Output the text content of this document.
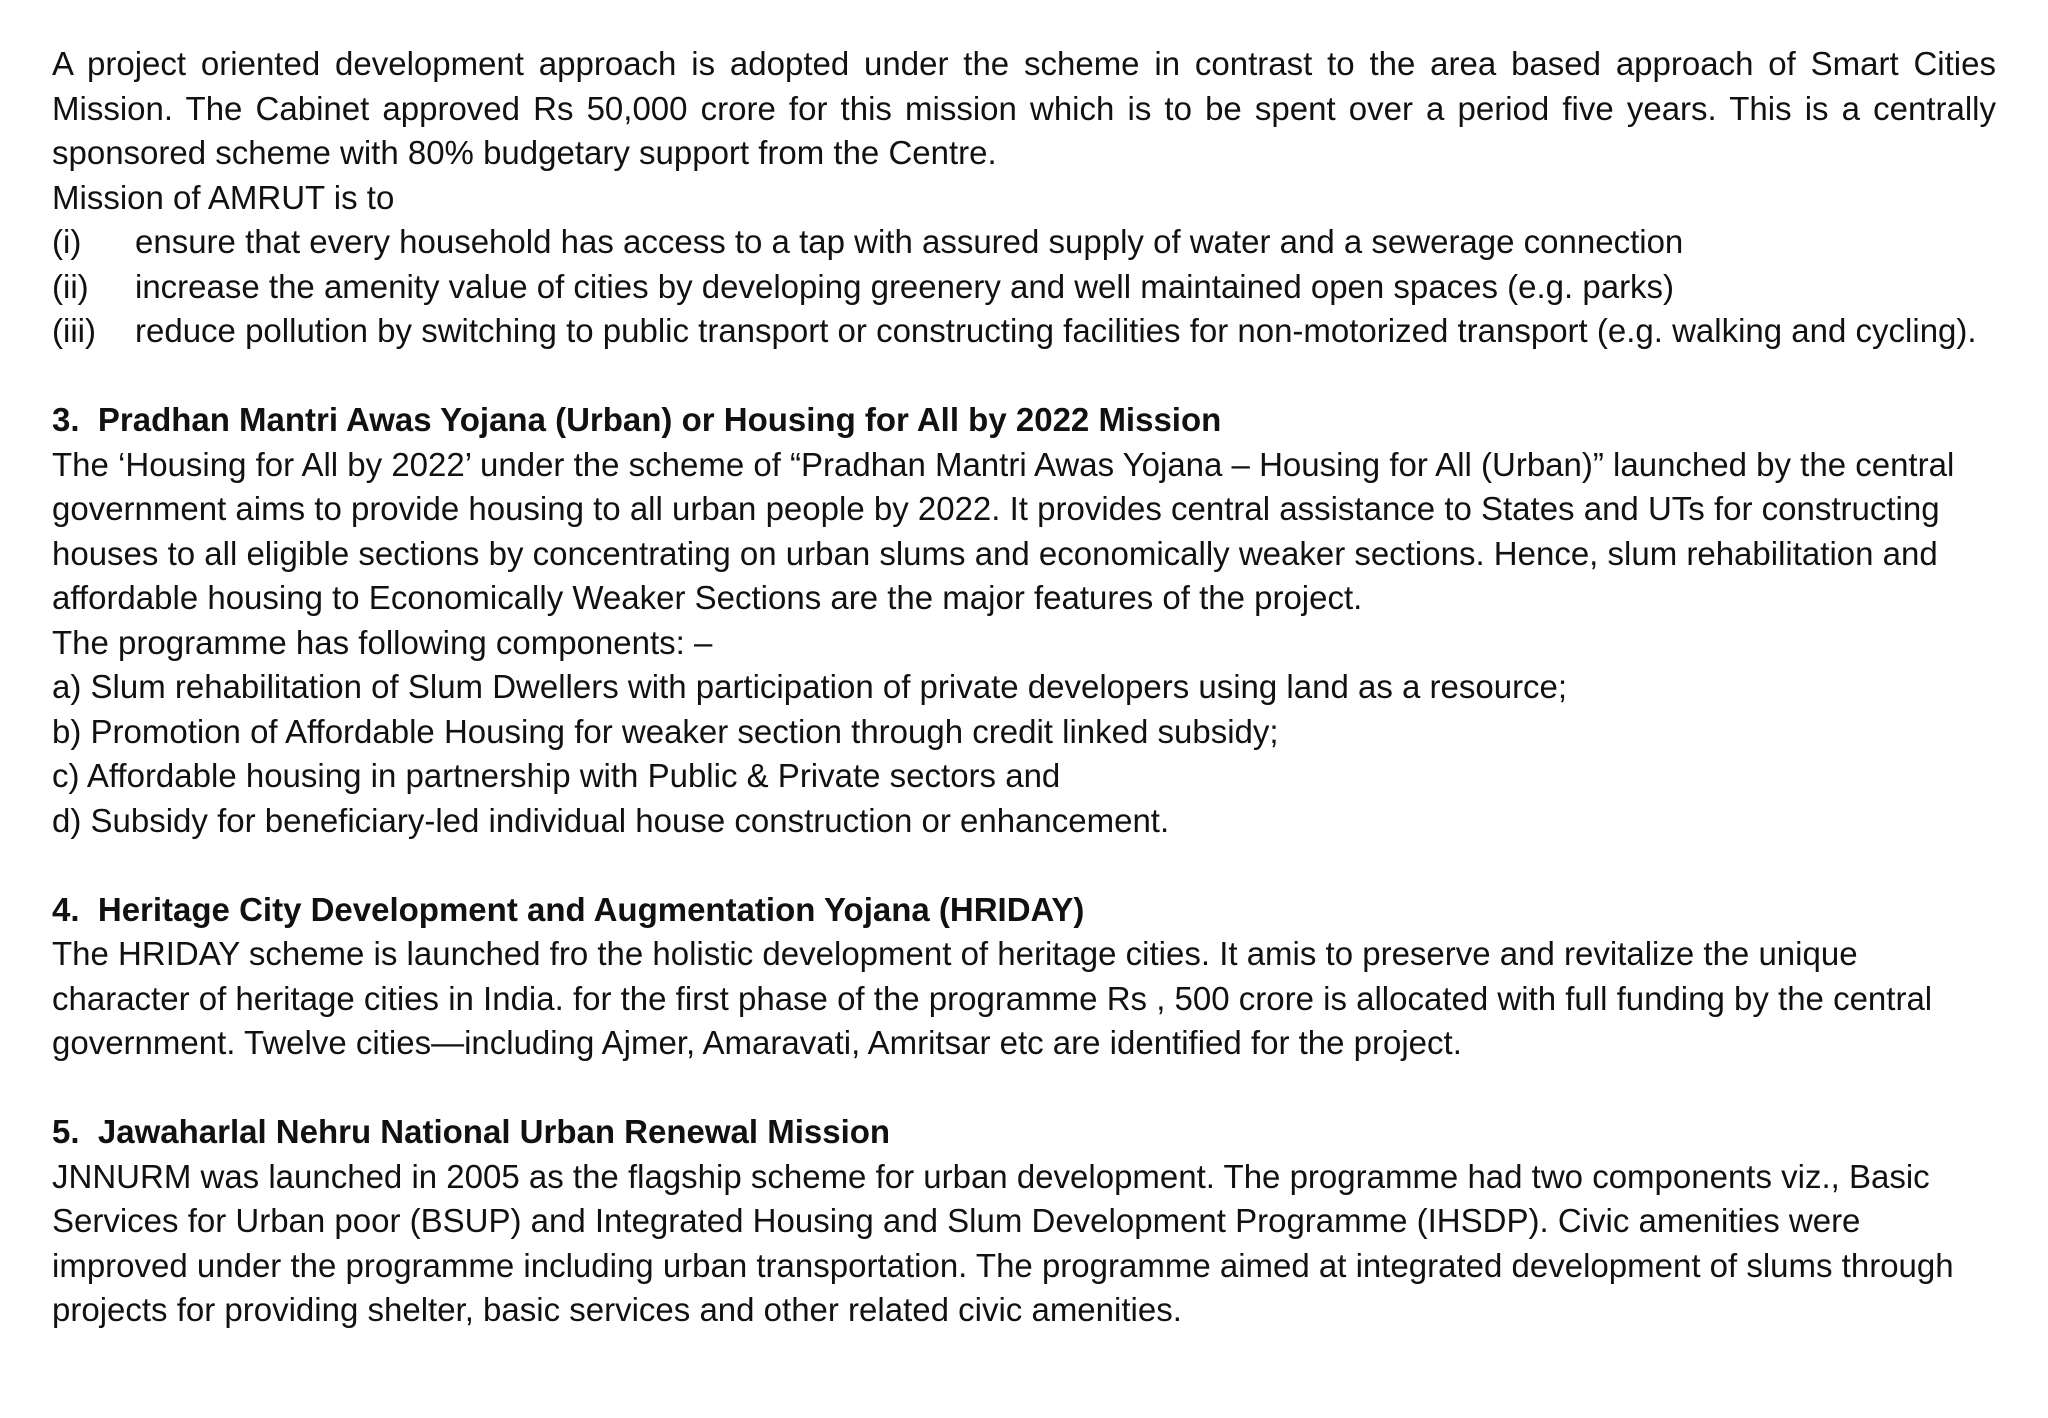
A project oriented development approach is adopted under the scheme in contrast to the area based approach of Smart Cities Mission. The Cabinet approved Rs 50,000 crore for this mission which is to be spent over a period five years. This is a centrally sponsored scheme with 80% budgetary support from the Centre.

Mission of AMRUT is to

(i)	ensure that every household has access to a tap with assured supply of water and a sewerage connection
(ii)	increase the amenity value of cities by developing greenery and well maintained open spaces (e.g. parks)
(iii)	reduce pollution by switching to public transport or constructing facilities for non-motorized transport (e.g. walking and cycling).

3.  Pradhan Mantri Awas Yojana (Urban) or Housing for All by 2022 Mission

The ‘Housing for All by 2022’ under the scheme of “Pradhan Mantri Awas Yojana – Housing for All (Urban)” launched by the central government aims to provide housing to all urban people by 2022. It provides central assistance to States and UTs for constructing houses to all eligible sections by concentrating on urban slums and economically weaker sections. Hence, slum rehabilitation and affordable housing to Economically Weaker Sections are the major features of the project.

The programme has following components: –

a) Slum rehabilitation of Slum Dwellers with participation of private developers using land as a resource;
b) Promotion of Affordable Housing for weaker section through credit linked subsidy;
c) Affordable housing in partnership with Public & Private sectors and
d) Subsidy for beneficiary-led individual house construction or enhancement.

4.  Heritage City Development and Augmentation Yojana (HRIDAY)

The HRIDAY scheme is launched fro the holistic development of heritage cities. It amis to preserve and revitalize the unique character of heritage cities in India. for the first phase of the programme Rs , 500 crore is allocated with full funding by the central government. Twelve cities—including Ajmer, Amaravati, Amritsar etc are identified for the project.

5.  Jawaharlal Nehru National Urban Renewal Mission

JNNURM was launched in 2005 as the flagship scheme for urban development. The programme had two components viz., Basic Services for Urban poor (BSUP) and Integrated Housing and Slum Development Programme (IHSDP). Civic amenities were improved under the programme including urban transportation. The programme aimed at integrated development of slums through projects for providing shelter, basic services and other related civic amenities.
